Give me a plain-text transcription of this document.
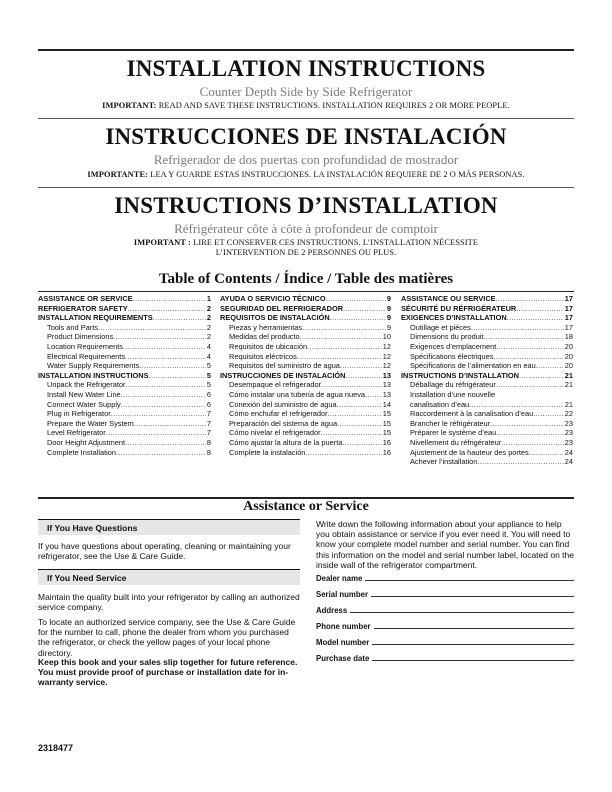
INSTALLATION INSTRUCTIONS
Counter Depth Side by Side Refrigerator
IMPORTANT: READ AND SAVE THESE INSTRUCTIONS. INSTALLATION REQUIRES 2 OR MORE PEOPLE.
INSTRUCCIONES DE INSTALACIÓN
Refrigerador de dos puertas con profundidad de mostrador
IMPORTANTE: LEA Y GUARDE ESTAS INSTRUCCIONES. LA INSTALACIÓN REQUIERE DE 2 O MÁS PERSONAS.
INSTRUCTIONS D’INSTALLATION
Réfrigérateur côte à côte à profondeur de comptoir
IMPORTANT : LIRE ET CONSERVER CES INSTRUCTIONS. L’INSTALLATION NÉCESSITE
L’INTERVENTION DE 2 PERSONNES OU PLUS.
Table of Contents / Índice / Table des matières
ASSISTANCE OR SERVICE .....	1
REFRIGERATOR SAFETY .....	2
INSTALLATION REQUIREMENTS .....	2
Tools and Parts .....	2
Product Dimensions .....	2
Location Requirements .....	4
Electrical Requirements .....	4
Water Supply Requirements .....	5
INSTALLATION INSTRUCTIONS .....	5
Unpack the Refrigerator .....	5
Install New Water Line .....	6
Connect Water Supply .....	6
Plug in Refrigerator .....	7
Prepare the Water System .....	7
Level Refrigerator .....	7
Door Height Adjustment .....	8
Complete Installation .....	8
AYUDA O SERVICIO TÉCNICO .....	9
SEGURIDAD DEL REFRIGERADOR .....	9
REQUISITOS DE INSTALACIÓN .....	9
Piezas y herramientas .....	9
Medidas del producto .....	10
Requisitos de ubicación .....	12
Requisitos eléctricos .....	12
Requisitos del suministro de agua .....	12
INSTRUCCIONES DE INSTALACIÓN .....	13
Desempaque el refrigerador .....	13
Cómo instalar una tubería de agua nueva ..... 13
Conexión del suministro de agua .....	14
Cómo enchufar el refrigerador .....	15
Preparación del sistema de agua .....	15
Cómo nivelar el refrigerador .....	15
Cómo ajustar la altura de la puerta .....	16
Complete la instalación .....	16
ASSISTANCE OU SERVICE .....	17
SÉCURITÉ DU RÉFRIGÉRATEUR .....	17
EXIGENCES D’INSTALLATION .....	17
Outillage et pièces .....	17
Dimensions du produit .....	18
Exigences d’emplacement .....	20
Spécifications électriques .....	20
Spécifications de l’alimentation en eau .....	20
INSTRUCTIONS D’INSTALLATION .....	21
Déballage du réfrigérateur .....	21
Installation d’une nouvelle
canalisation d’eau .....	21
Raccordement à la canalisation d’eau .....	22
Brancher le réfrigérateur .....	23
Préparer le système d’eau .....	23
Nivellement du réfrigérateur .....	23
Ajustement de la hauteur des portes .....	24
Achever l’installation .....	24
Assistance or Service
If You Have Questions
If you have questions about operating, cleaning or maintaining your refrigerator, see the Use & Care Guide.
If You Need Service
Maintain the quality built into your refrigerator by calling an authorized service company.
To locate an authorized service company, see the Use & Care Guide for the number to call, phone the dealer from whom you purchased the refrigerator, or check the yellow pages of your local phone directory.
Keep this book and your sales slip together for future reference. You must provide proof of purchase or installation date for in-warranty service.
Write down the following information about your appliance to help you obtain assistance or service if you ever need it. You will need to know your complete model number and serial number. You can find this information on the model and serial number label, located on the inside wall of the refrigerator compartment.
Dealer name
Serial number
Address
Phone number
Model number
Purchase date
2318477
